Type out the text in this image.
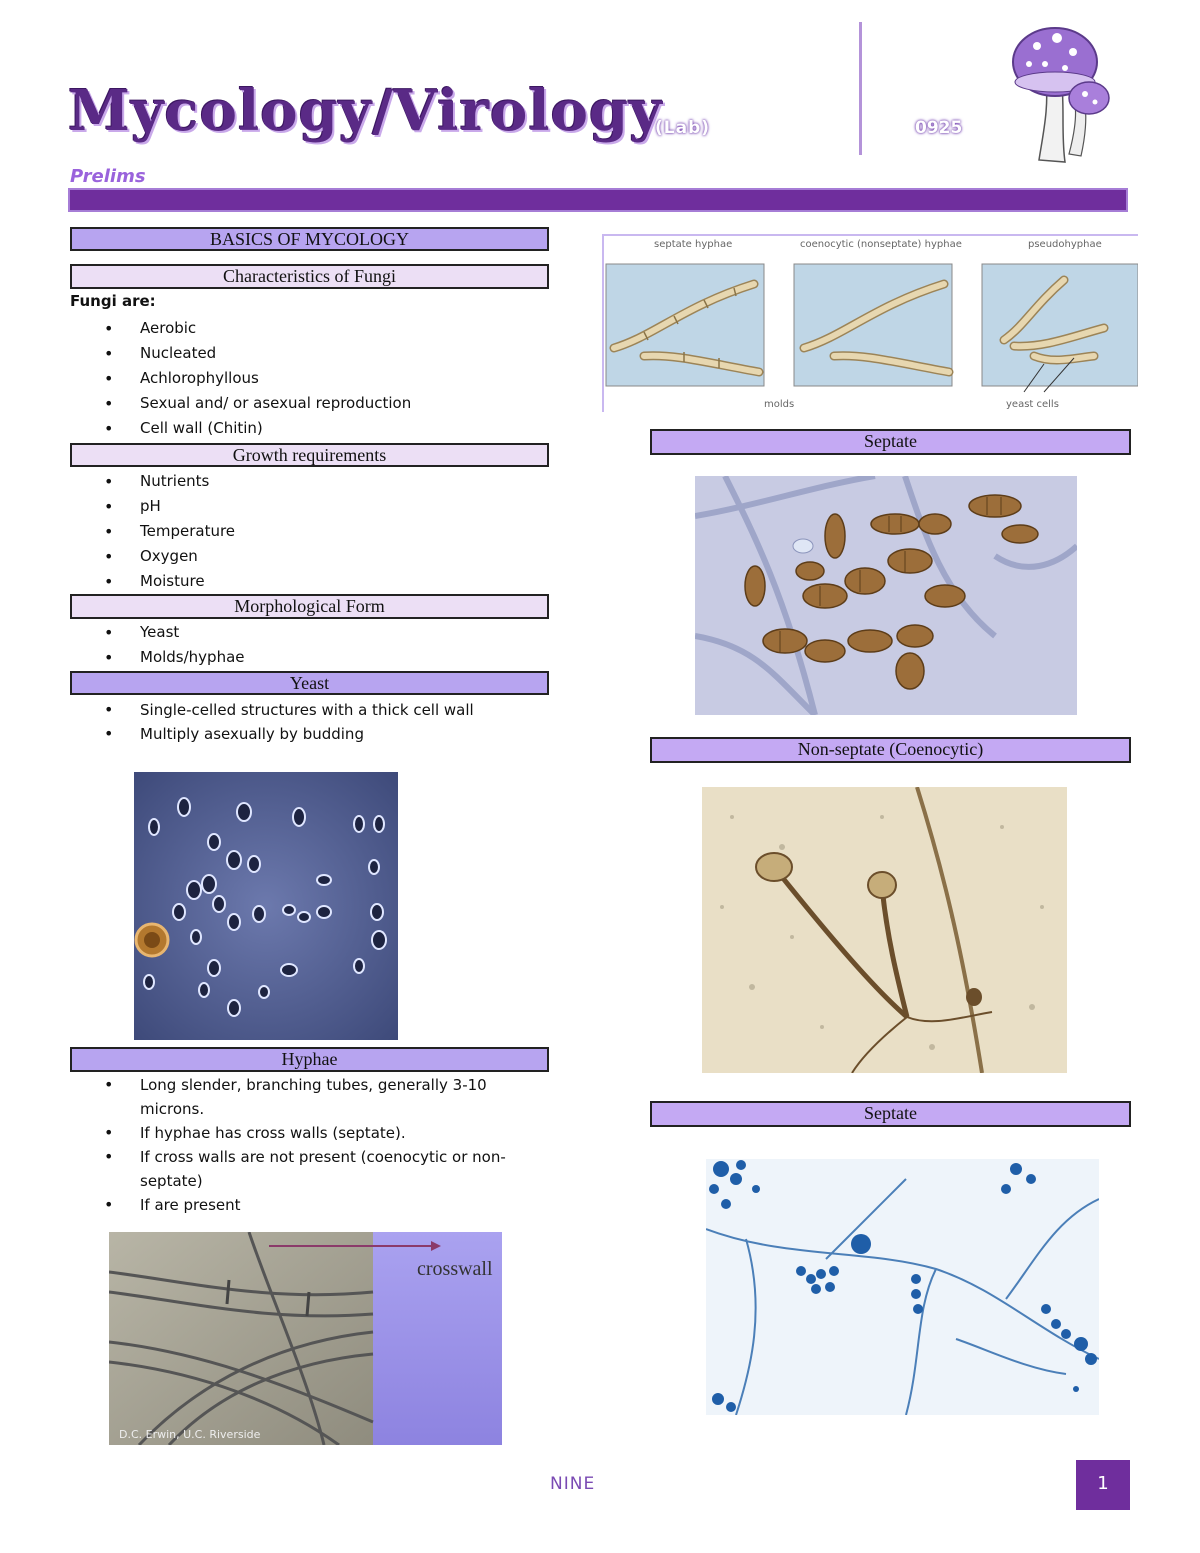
Mycology/Virology
(Lab)	0925
Prelims
BASICS OF MYCOLOGY
Characteristics of Fungi
Fungi are:
• Aerobic
• Nucleated
• Achlorophyllous
• Sexual and/ or asexual reproduction
• Cell wall (Chitin)
Growth requirements
• Nutrients
• pH
• Temperature
• Oxygen
• Moisture
Morphological Form
• Yeast
• Molds/hyphae
Yeast
• Single-celled structures with a thick cell wall
• Multiply asexually by budding
Hyphae
• Long slender, branching tubes, generally 3-10 microns.
• If hyphae has cross walls (septate).
• If cross walls are not present (coenocytic or non-septate)
• If are present
crosswall
D.C. Erwin, U.C. Riverside
septate hyphae	coenocytic (nonseptate) hyphae	pseudohyphae
molds	yeast cells
Septate
Non-septate (Coenocytic)
Septate
NINE	1
